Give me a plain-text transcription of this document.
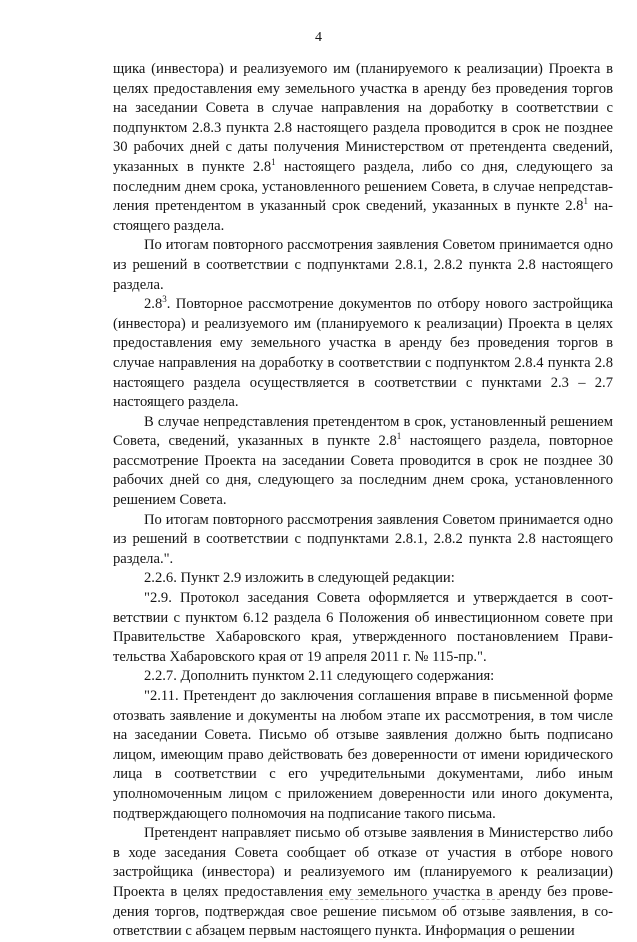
4

щика (инвестора) и реализуемого им (планируемого к реализации) Проекта в целях предоставления ему земельного участка в аренду без проведения торгов на заседании Совета в случае направления на доработку в соответствии с подпунктом 2.8.3 пункта 2.8 настоящего раздела проводится в срок не позднее 30 рабочих дней с даты получения Министерством от претендента сведений, указанных в пункте $2.8^1$ настоящего раздела, либо со дня, следующего за последним днем срока, установленного решением Совета, в случае непредставления претендентом в указанный срок сведений, указанных в пункте $2.8^1$ настоящего раздела.

По итогам повторного рассмотрения заявления Советом принимается одно из решений в соответствии с подпунктами 2.8.1, 2.8.2 пункта 2.8 настоящего раздела.

$2.8^3$. Повторное рассмотрение документов по отбору нового застройщика (инвестора) и реализуемого им (планируемого к реализации) Проекта в целях предоставления ему земельного участка в аренду без проведения торгов в случае направления на доработку в соответствии с подпунктом 2.8.4 пункта 2.8 настоящего раздела осуществляется в соответствии с пунктами 2.3 – 2.7 настоящего раздела.

В случае непредставления претендентом в срок, установленный решением Совета, сведений, указанных в пункте $2.8^1$ настоящего раздела, повторное рассмотрение Проекта на заседании Совета проводится в срок не позднее 30 рабочих дней со дня, следующего за последним днем срока, установленного решением Совета.

По итогам повторного рассмотрения заявления Советом принимается одно из решений в соответствии с подпунктами 2.8.1, 2.8.2 пункта 2.8 настоящего раздела.".

2.2.6. Пункт 2.9 изложить в следующей редакции:

"2.9. Протокол заседания Совета оформляется и утверждается в соответствии с пунктом 6.12 раздела 6 Положения об инвестиционном совете при Правительстве Хабаровского края, утвержденного постановлением Правительства Хабаровского края от 19 апреля 2011 г. № 115-пр.".

2.2.7. Дополнить пунктом 2.11 следующего содержания:

"2.11. Претендент до заключения соглашения вправе в письменной форме отозвать заявление и документы на любом этапе их рассмотрения, в том числе на заседании Совета. Письмо об отзыве заявления должно быть подписано лицом, имеющим право действовать без доверенности от имени юридического лица в соответствии с его учредительными документами, либо иным уполномоченным лицом с приложением доверенности или иного документа, подтверждающего полномочия на подписание такого письма.

Претендент направляет письмо об отзыве заявления в Министерство либо в ходе заседания Совета сообщает об отказе от участия в отборе нового застройщика (инвестора) и реализуемого им (планируемого к реализации) Проекта в целях предоставления ему земельного участка в аренду без проведения торгов, подтверждая свое решение письмом об отзыве заявления, в соответствии с абзацем первым настоящего пункта. Информация о решении
